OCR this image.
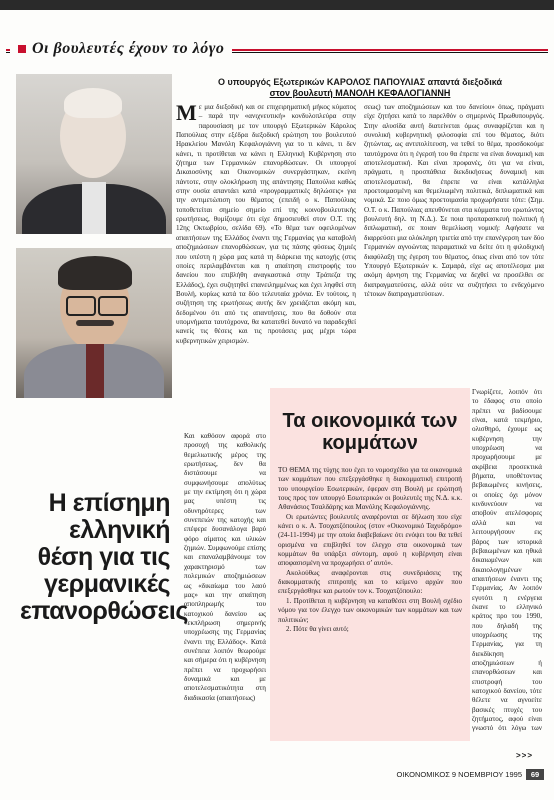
Οι βουλευτές έχουν το λόγο
Ο υπουργός Εξωτερικών ΚΑΡΟΛΟΣ ΠΑΠΟΥΛΙΑΣ απαντά διεξοδικά
στον βουλευτή ΜΑΝΟΛΗ ΚΕΦΑΛΟΓΙΑΝΝΗ
Η επίσημη ελληνική θέση για τις γερμανικές επανορθώσεις
Με μια διεξοδική και σε επιχειρηματική μήκος κύματος – παρά την «ανιχνευτική» κονδυλοπλεύρα στην παρουσίαση με τον υπουργό Εξωτερικών Κάρολος Παπούλιας στην εξέδρα διεξοδική ερώτηση του βουλευτού Ηρακλείου Μανόλη Κεφαλογιάννη για το τι κάνει, τι δεν κάνει, τι προτίθεται να κάνει η Ελληνική Κυβέρνηση στο ζήτημα των Γερμανικών επανορθώσεων. Οι υπουργοί Δικαιοσύνης και Οικονομικών συνεργάστηκαν, εκείνη πάντοτε, στην ολοκλήρωση της απάντησης Παπούλια καθώς στην ουσία απαντάει κατά «προγραμματικές δηλώσεις» για την αντιμετώπιση του θέματος (επειδή ο κ. Παπούλιας τοποθετείται σημείο σημείο επί της κοινοβουλευτικής ερωτήσεως, θυμίζουμε ότι είχε δημοσιευθεί στον Ο.Τ. της 12ης Οκτωβρίου, σελίδα 69). «Το θέμα των οφειλομένων απαιτήσεων της Ελλάδος έναντι της Γερμανίας για καταβολή αποζημιώσεων επανορθώσεων, για τις πάσης φύσεως ζημιές που υπέστη η χώρα μας κατά τη διάρκεια της κατοχής (στις οποίες περιλαμβάνεται και η απαίτηση επιστροφής του δανείου που επιβλήθη αναγκαστικά στην Τράπεζα της Ελλάδος), έχει συζητηθεί επανειλημμένως και έχει ληφθεί στη Βουλή, κυρίως κατά τα δύο τελευταία χρόνια. Εν τούτοις, η συζήτηση της ερωτήσεως αυτής δεν χρειάζεται ακόμη και, δεδομένου ότι από τις απαντήσεις, που θα δοθούν στα υπομνήματα ταυτόχρονα, θα κατατεθεί δυνατό να παραδεχθεί κανείς τις θέσεις και τις προτάσεις μας μέχρι τώρα κυβερνητικών χειρισμών.
Και καθόσον αφορά στο προσοχή της καθολικής θεμελιωτικής μέρος της ερωτήσεως, δεν θα διστάσουμε να συμφωνήσουμε απολύτως με την εκτίμηση ότι η χώρα μας υπέστη τις οδυνηρότερες των συνεπειών της κατοχής και επέφερε δυσανάλογα βαρύ φόρο αίματος και υλικών ζημιών. Συμφωνούμε επίσης και επαναλαμβάνουμε τον χαρακτηρισμό των πολεμικών αποζημιώσεων ως «δικαίωμα του λαού μας» και την απαίτηση αποπληρωμής του κατοχικού δανείου ως «εκπλήρωση σημερινής υποχρέωσης της Γερμανίας έναντι της Ελλάδος». Κατά συνέπεια λοιπόν θεωρούμε και σήμερα ότι η κυβέρνηση πρέπει να προχωρήσει δυναμικά και με αποτελεσματικότητα στη διαδικασία (απαιτήσεως)
σεως) των αποζημιώσεων και του δανείου» όπως, πράγματι είχε ζητήσει κατά το παρελθόν ο σημερινός Πρωθυπουργός. Στην αλυσίδα αυτή διατείνεται όμως συναφρίζεται και η συνολική κυβερνητική φιλοσοφία επί του θέματος, διότι ζητώντας, ως αντιπολίτευση, να τεθεί το θέμα, προσδοκούμε ταυτόχρονα ότι η έγερσή του θα έπρεπε να είναι δυναμική και αποτελεσματική. Και είναι προφανές, ότι για να είναι, πράγματι, η προσπάθεια διεκδικήσεως δυναμική και αποτελεσματική, θα έπρεπε να είναι κατάλληλα προετοιμασμένη και θεμελιωμένη πολιτικά, διπλωματικά και νομικά. Σε ποιο όμως προετοιμασία προχωρήσατε τότε: (Σημ. Ο.Τ. ο κ. Παπούλιας απευθύνεται στα κόμματα του ερωτώντος βουλευτή δηλ. τη Ν.Δ.). Σε ποια προπαρασκευή πολιτική ή διπλωματική, σε ποιαν θεμελίωση νομική: Αφήσατε να διαρρεύσει μια ολόκληρη τριετία από την επανέγερση των δύο Γερμανιών αγνοώντας πειραματικά να δείτε ότι η φιλοδιχική διαφύλαξη της έγερση του θέματος, όπως είναι από τον τότε Υπουργό Εξωτερικών κ. Σαμαρά, είχε ως αποτέλεσμα μια ακόμη άρνηση της Γερμανίας να δεχθεί να προσέλθει σε διαπραγματεύσεις, αλλά ούτε να συζητήσει το ενδεχόμενο τέτοιων διαπραγματεύσεων.
Γνωρίζετε, λοιπόν ότι το έδαφος στο οποίο πρέπει να βαδίσουμε είναι, κατά τεκμήριο, ολισθηρό, έχουμε ως κυβέρνηση την υποχρέωση να προχωρήσουμε με ακρίβεια προσεκτικά βήματα, υποθέτοντας βεβαιωμένες κινήσεις, οι οποίες όχι μόνον κινδυνεύουν να αποβούν ατελέσφορες αλλά και να λειτουργήσουν εις βάρος των ιστορικά βεβαιωμένων και ηθικά δικαιωμένων και δικαιολογημένων απαιτήσεων έναντι της Γερμανίας. Αν λοιπόν εγυτότι η ενέργεια έκανε το ελληνικό κράτος προ του 1990, που δηλαδή της υποχρέωσης της Γερμανίας, για τη διεκδίκηση αποζημιώσεων ή επανορθώσεων και επιστροφή του κατοχικού δανείου, τότε θέλετε να αγνοείτε βασικές πτυχές του ζητήματος, αφού είναι γνωστό ότι λόγω των
Τα οικονομικά των κομμάτων

ΤΟ ΘΕΜΑ της τύχης που έχει το νομοσχέδιο για τα οικονομικά των κομμάτων που επεξεργάσθηκε η διακομματική επιτροπή του υπουργείου Εσωτερικών, έφεραν στη Βουλή με ερώτησή τους προς τον υπουργό Εσωτερικών οι βουλευτές της Ν.Δ. κ.κ. Αθανάσιος Τσαλδάρης και Μανόλης Κεφαλογιάννης.

Οι ερωτώντες βουλευτές αναφέρονται σε δήλωση που είχε κάνει ο κ. Α. Τσοχατζόπουλος (στον «Οικονομικό Ταχυδρόμο» (24-11-1994) με την οποία διαβεβαίωνε ότι ενόψει του θα τεθεί ορισμένα να επιβληθεί τον έλεγχο στα οικονομικά των κομμάτων θα υπάρξει σύντομη, αφού η κυβέρνηση είναι αποφασισμένη να προχωρήσει σ’ αυτό».

Ακολούθως αναφέρονται στις συνεδριάσεις της διακομματικής επιτροπής και το κείμενο αρχών που επεξεργάσθηκε και ρωτούν τον κ. Τσοχατζόπουλο:

1. Προτίθεται η κυβέρνηση να καταθέσει στη Βουλή σχέδιο νόμου για τον έλεγχο των οικονομικών των κομμάτων και των πολιτικών;

2. Πότε θα γίνει αυτό;

>>>
ΟΙΚΟΝΟΜΙΚΟΣ 9 ΝΟΕΜΒΡΙΟΥ 1995	69
